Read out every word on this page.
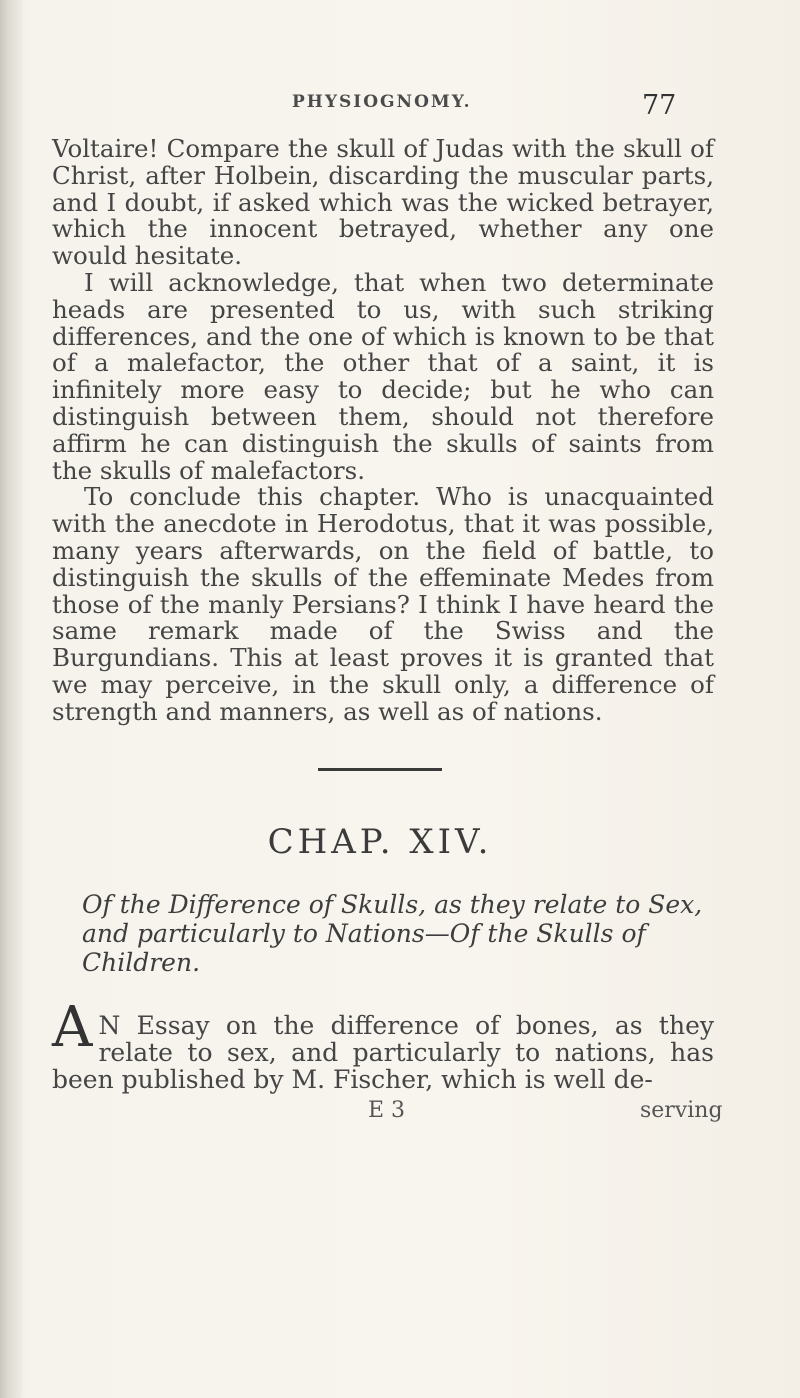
PHYSIOGNOMY.	77

Voltaire! Compare the skull of Judas with the skull of Christ, after Holbein, discarding the muscular parts, and I doubt, if asked which was the wicked betrayer, which the innocent betrayed, whether any one would hesitate.

I will acknowledge, that when two determinate heads are presented to us, with such striking differences, and the one of which is known to be that of a malefactor, the other that of a saint, it is infinitely more easy to decide; but he who can distinguish between them, should not therefore affirm he can distinguish the skulls of saints from the skulls of malefactors.

To conclude this chapter. Who is unacquainted with the anecdote in Herodotus, that it was possible, many years afterwards, on the field of battle, to distinguish the skulls of the effeminate Medes from those of the manly Persians? I think I have heard the same remark made of the Swiss and the Burgundians. This at least proves it is granted that we may perceive, in the skull only, a difference of strength and manners, as well as of nations.

CHAP. XIV.
Of the Difference of Skulls, as they relate to Sex, and particularly to Nations—Of the Skulls of Children.

A N Essay on the difference of bones, as they relate to sex, and particularly to nations, has been published by M. Fischer, which is well de-

E 3	serving
